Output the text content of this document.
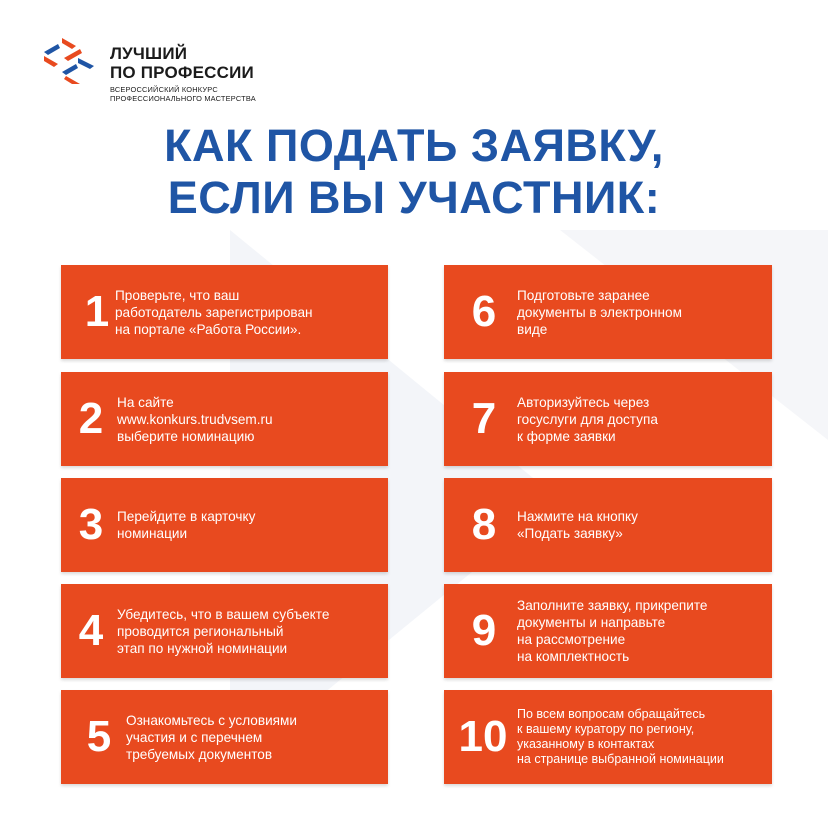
ЛУЧШИЙ
ПО ПРОФЕССИИ
ВСЕРОССИЙСКИЙ КОНКУРС
ПРОФЕССИОНАЛЬНОГО МАСТЕРСТВА
КАК ПОДАТЬ ЗАЯВКУ,
ЕСЛИ ВЫ УЧАСТНИК:
1 Проверьте, что ваш
работодатель зарегистрирован
на портале «Работа России».
2	На сайте
www.konkurs.trudvsem.ru
выберите номинацию
3	Перейдите в карточку
номинации
4	Убедитесь, что в вашем субъекте
проводится региональный
этап по нужной номинации
5	Ознакомьтесь с условиями
участия и с перечнем
требуемых документов
6	Подготовьте заранее
документы в электронном
виде
7	Авторизуйтесь через
госуслуги для доступа
к форме заявки
8	Нажмите на кнопку
«Подать заявку»
9
Заполните заявку, прикрепите
документы и направьте
на рассмотрение
на комплектность
10 По всем вопросам обращайтесь
к вашему куратору по региону,
указанному в контактах
на странице выбранной номинации
